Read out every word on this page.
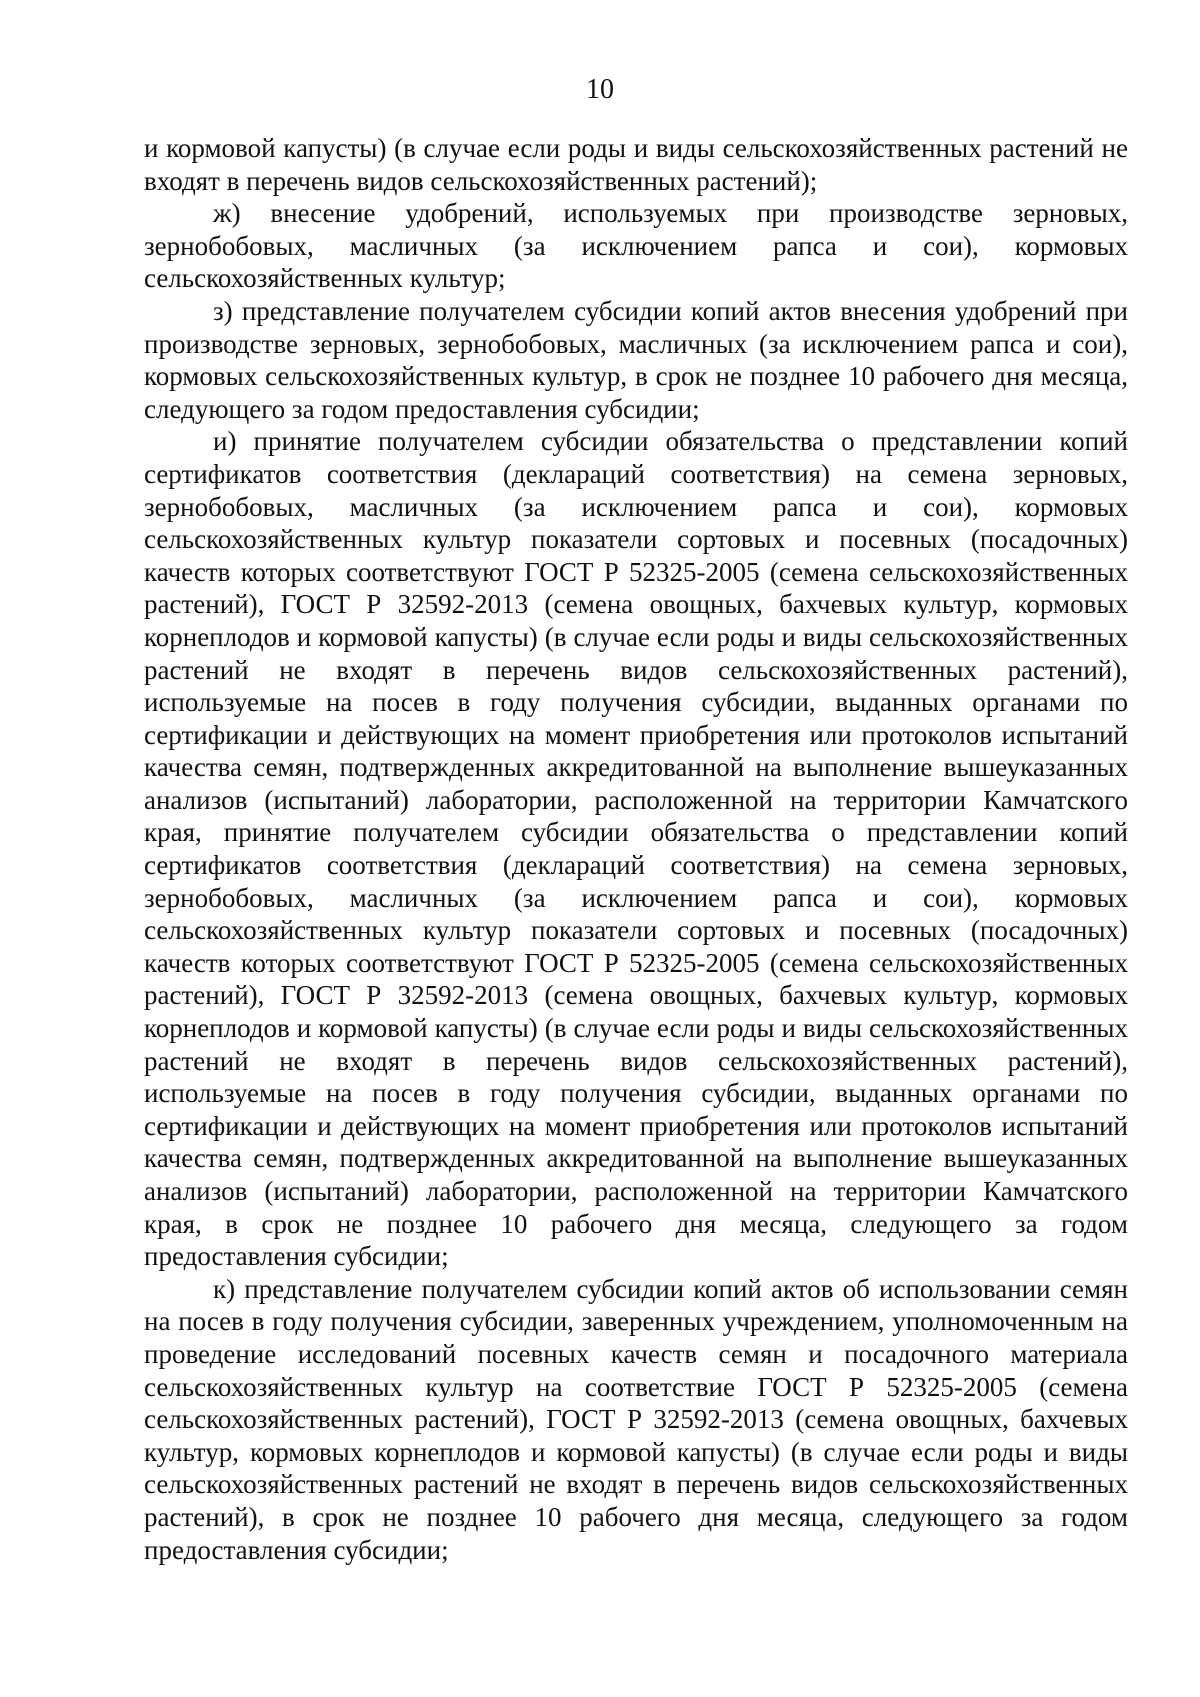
10

и кормовой капусты) (в случае если роды и виды сельскохозяйственных растений не входят в перечень видов сельскохозяйственных растений);

ж) внесение удобрений, используемых при производстве зерновых, зернобобовых, масличных (за исключением рапса и сои), кормовых сельскохозяйственных культур;

з) представление получателем субсидии копий актов внесения удобрений при производстве зерновых, зернобобовых, масличных (за исключением рапса и сои), кормовых сельскохозяйственных культур, в срок не позднее 10 рабочего дня месяца, следующего за годом предоставления субсидии;

и) принятие получателем субсидии обязательства о представлении копий сертификатов соответствия (деклараций соответствия) на семена зерновых, зернобобовых, масличных (за исключением рапса и сои), кормовых сельскохозяйственных культур показатели сортовых и посевных (посадочных) качеств которых соответствуют ГОСТ Р 52325-2005 (семена сельскохозяйственных растений), ГОСТ Р 32592-2013 (семена овощных, бахчевых культур, кормовых корнеплодов и кормовой капусты) (в случае если роды и виды сельскохозяйственных растений не входят в перечень видов сельскохозяйственных растений), используемые на посев в году получения субсидии, выданных органами по сертификации и действующих на момент приобретения или протоколов испытаний качества семян, подтвержденных аккредитованной на выполнение вышеуказанных анализов (испытаний) лаборатории, расположенной на территории Камчатского края, принятие получателем субсидии обязательства о представлении копий сертификатов соответствия (деклараций соответствия) на семена зерновых, зернобобовых, масличных (за исключением рапса и сои), кормовых сельскохозяйственных культур показатели сортовых и посевных (посадочных) качеств которых соответствуют ГОСТ Р 52325-2005 (семена сельскохозяйственных растений), ГОСТ Р 32592-2013 (семена овощных, бахчевых культур, кормовых корнеплодов и кормовой капусты) (в случае если роды и виды сельскохозяйственных растений не входят в перечень видов сельскохозяйственных растений), используемые на посев в году получения субсидии, выданных органами по сертификации и действующих на момент приобретения или протоколов испытаний качества семян, подтвержденных аккредитованной на выполнение вышеуказанных анализов (испытаний) лаборатории, расположенной на территории Камчатского края, в срок не позднее 10 рабочего дня месяца, следующего за годом предоставления субсидии;

к) представление получателем субсидии копий актов об использовании семян на посев в году получения субсидии, заверенных учреждением, уполномоченным на проведение исследований посевных качеств семян и посадочного материала сельскохозяйственных культур на соответствие ГОСТ Р 52325-2005 (семена сельскохозяйственных растений), ГОСТ Р 32592-2013 (семена овощных, бахчевых культур, кормовых корнеплодов и кормовой капусты) (в случае если роды и виды сельскохозяйственных растений не входят в перечень видов сельскохозяйственных растений), в срок не позднее 10 рабочего дня месяца, следующего за годом предоставления субсидии;
